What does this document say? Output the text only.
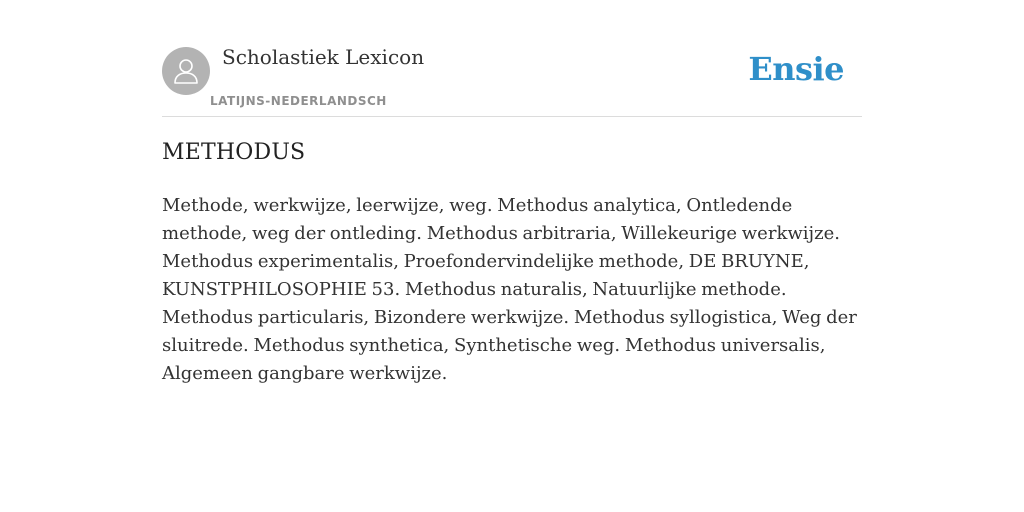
Scholastiek Lexicon
LATIJNS-NEDERLANDSCH
Ensie
METHODUS

Methode, werkwijze, leerwijze, weg. Methodus analytica, Ontledende methode, weg der ontleding. Methodus arbitraria, Willekeurige werkwijze. Methodus experimentalis, Proefondervindelijke methode, DE BRUYNE, KUNSTPHILOSOPHIE 53. Methodus naturalis, Natuurlijke methode. Methodus particularis, Bizondere werkwijze. Methodus syllogistica, Weg der sluitrede. Methodus synthetica, Synthetische weg. Methodus universalis, Algemeen gangbare werkwijze.
